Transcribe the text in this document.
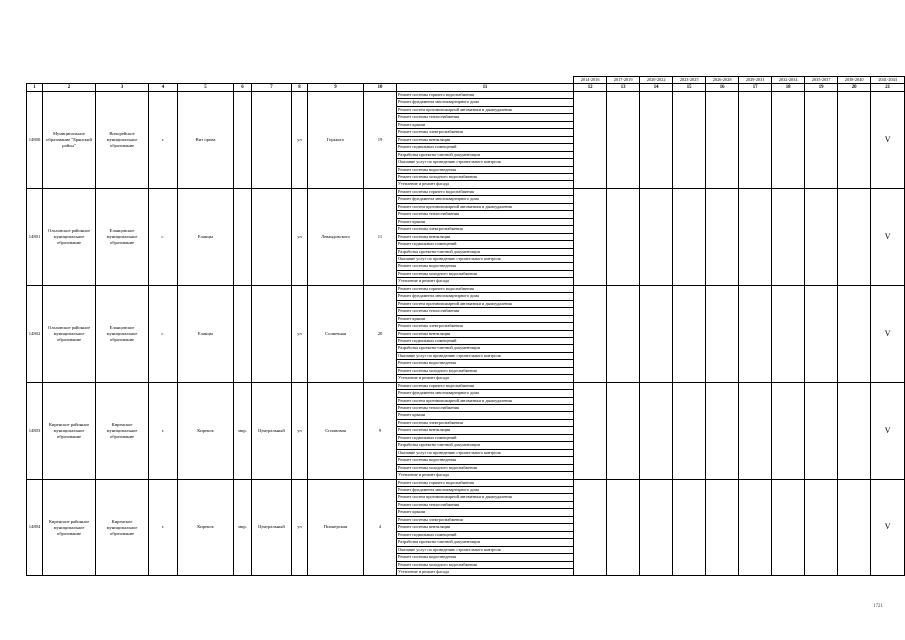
											2014-2016	2017-2019	2020-2022	2023-2025	2026-2028	2029-2031	2032-2034	2035-2037	2038-2040	2041-2043
1	2	3	4	5	6	7	8	9	10	11	12	13	14	15	16	17	18	19	20	21
14800	Муниципальное образование "Брянский район"	Вичорейское муниципальное образование	г.	Вит орова			ул	Горького	19	Ремонт системы горячего водоснабжения										V
										Ремонт фундамента многоквартирного дома										
										Ремонт систем противопожарной автоматики и дымоудаления										
										Ремонт системы теплоснабжения										
										Ремонт крыши										
										Ремонт системы электроснабжения										
										Ремонт системы вентиляции										
										Ремонт подвальных помещений										
										Разработка проектно-сметной документации										
										Оказание услуг по проведению строительного контроля										
										Ремонт системы водоотведения										
										Ремонт системы холодного водоснабжения										
										Утепление и ремонт фасада										
14801	Ольховское районное муниципальное образование	Еланцовское муниципальное образование	с.	Еланцы			ул	Левандовского	11	Ремонт системы горячего водоснабжения										V
										Ремонт фундамента многоквартирного дома										
										Ремонт систем противопожарной автоматики и дымоудаления										
										Ремонт системы теплоснабжения										
										Ремонт крыши										
										Ремонт системы электроснабжения										
										Ремонт системы вентиляции										
										Ремонт подвальных помещений										
										Разработка проектно-сметной документации										
										Оказание услуг по проведению строительного контроля										
										Ремонт системы водоотведения										
										Ремонт системы холодного водоснабжения										
										Утепление и ремонт фасада										
14802	Ольховское районное муниципальное образование	Еланцовское муниципальное образование	с.	Еланцы			ул	Солнечная	20	Ремонт системы горячего водоснабжения										V
										Ремонт фундамента многоквартирного дома										
										Ремонт систем противопожарной автоматики и дымоудаления										
										Ремонт системы теплоснабжения										
										Ремонт крыши										
										Ремонт системы электроснабжения										
										Ремонт системы вентиляции										
										Ремонт подвальных помещений										
										Разработка проектно-сметной документации										
										Оказание услуг по проведению строительного контроля										
										Ремонт системы водоотведения										
										Ремонт системы холодного водоснабжения										
										Утепление и ремонт фасада										
14803	Киренское районное муниципальное образование	Киренское муниципальное образование	г.	Киренск	мкр.	Центральный	ул	Сплавовая	9	Ремонт системы горячего водоснабжения										V
										Ремонт фундамента многоквартирного дома										
										Ремонт систем противопожарной автоматики и дымоудаления										
										Ремонт системы теплоснабжения										
										Ремонт крыши										
										Ремонт системы электроснабжения										
										Ремонт системы вентиляции										
										Ремонт подвальных помещений										
										Разработка проектно-сметной документации										
										Оказание услуг по проведению строительного контроля										
										Ремонт системы водоотведения										
										Ремонт системы холодного водоснабжения										
										Утепление и ремонт фасада										
14804	Киренское районное муниципальное образование	Киренское муниципальное образование	г.	Киренск	мкр.	Центральный	ул	Пионерская	4	Ремонт системы горячего водоснабжения										V
										Ремонт фундамента многоквартирного дома										
										Ремонт систем противопожарной автоматики и дымоудаления										
										Ремонт системы теплоснабжения										
										Ремонт крыши										
										Ремонт системы электроснабжения										
										Ремонт системы вентиляции										
										Ремонт подвальных помещений										
										Разработка проектно-сметной документации										
										Оказание услуг по проведению строительного контроля										
										Ремонт системы водоотведения										
										Ремонт системы холодного водоснабжения										
										Утепление и ремонт фасада										
1721
